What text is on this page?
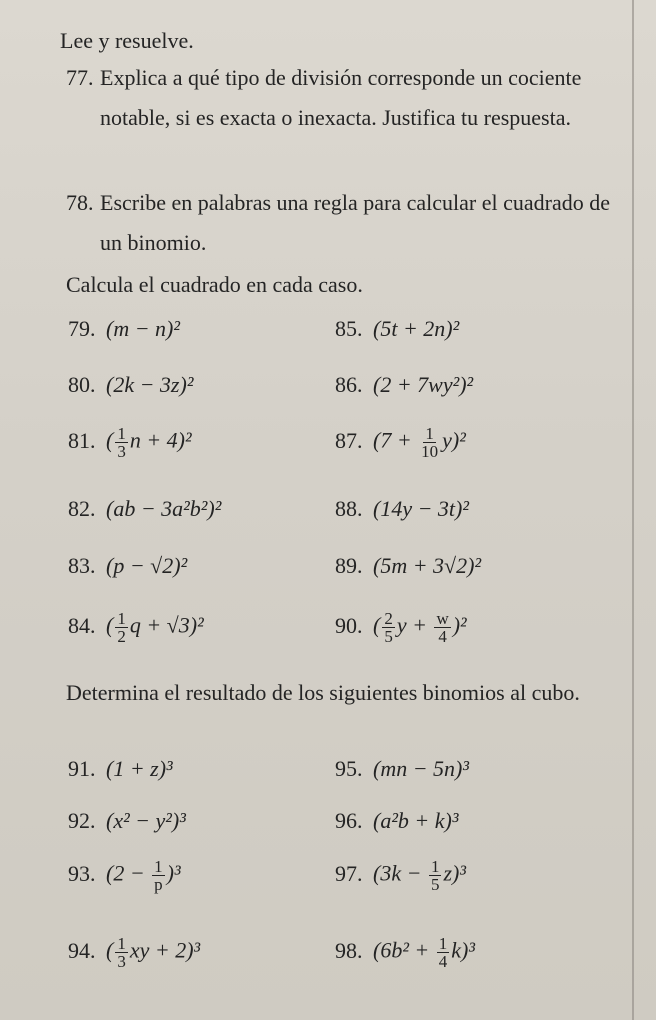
Lee y resuelve.
77. Explica a qué tipo de división corresponde un cociente notable, si es exacta o inexacta. Justifica tu respuesta.
78. Escribe en palabras una regla para calcular el cuadrado de un binomio.
Calcula el cuadrado en cada caso.
79. (m − n)²
80. (2k − 3z)²
81. ( $\frac{1}{3}$ n + 4)²
82. (ab − 3a²b²)²
83. (p − √2)²
84. ( $\frac{1}{2}$ q + √3)²
85. (5t + 2n)²
86. (2 + 7wy²)²
87. $(7 + \frac{1}{10} y)^2$
88. (14y − 3t)²
89. (5m + 3√2)²
90. ( $\frac{2}{5}$ $y + \frac{w}{4} )^2$
Determina el resultado de los siguientes binomios al cubo.
91. (1 + z)³
92. (x² − y²)³
93. $(2 - \frac{1}{p} )^3$
94. ( $\frac{1}{3}$ xy + 2)³
95. (mn − 5n)³
96. (a²b + k)³
97. $(3k - \frac{1}{5} z)^3$
98. $(6b^2 + \frac{1}{4} k)^3$
